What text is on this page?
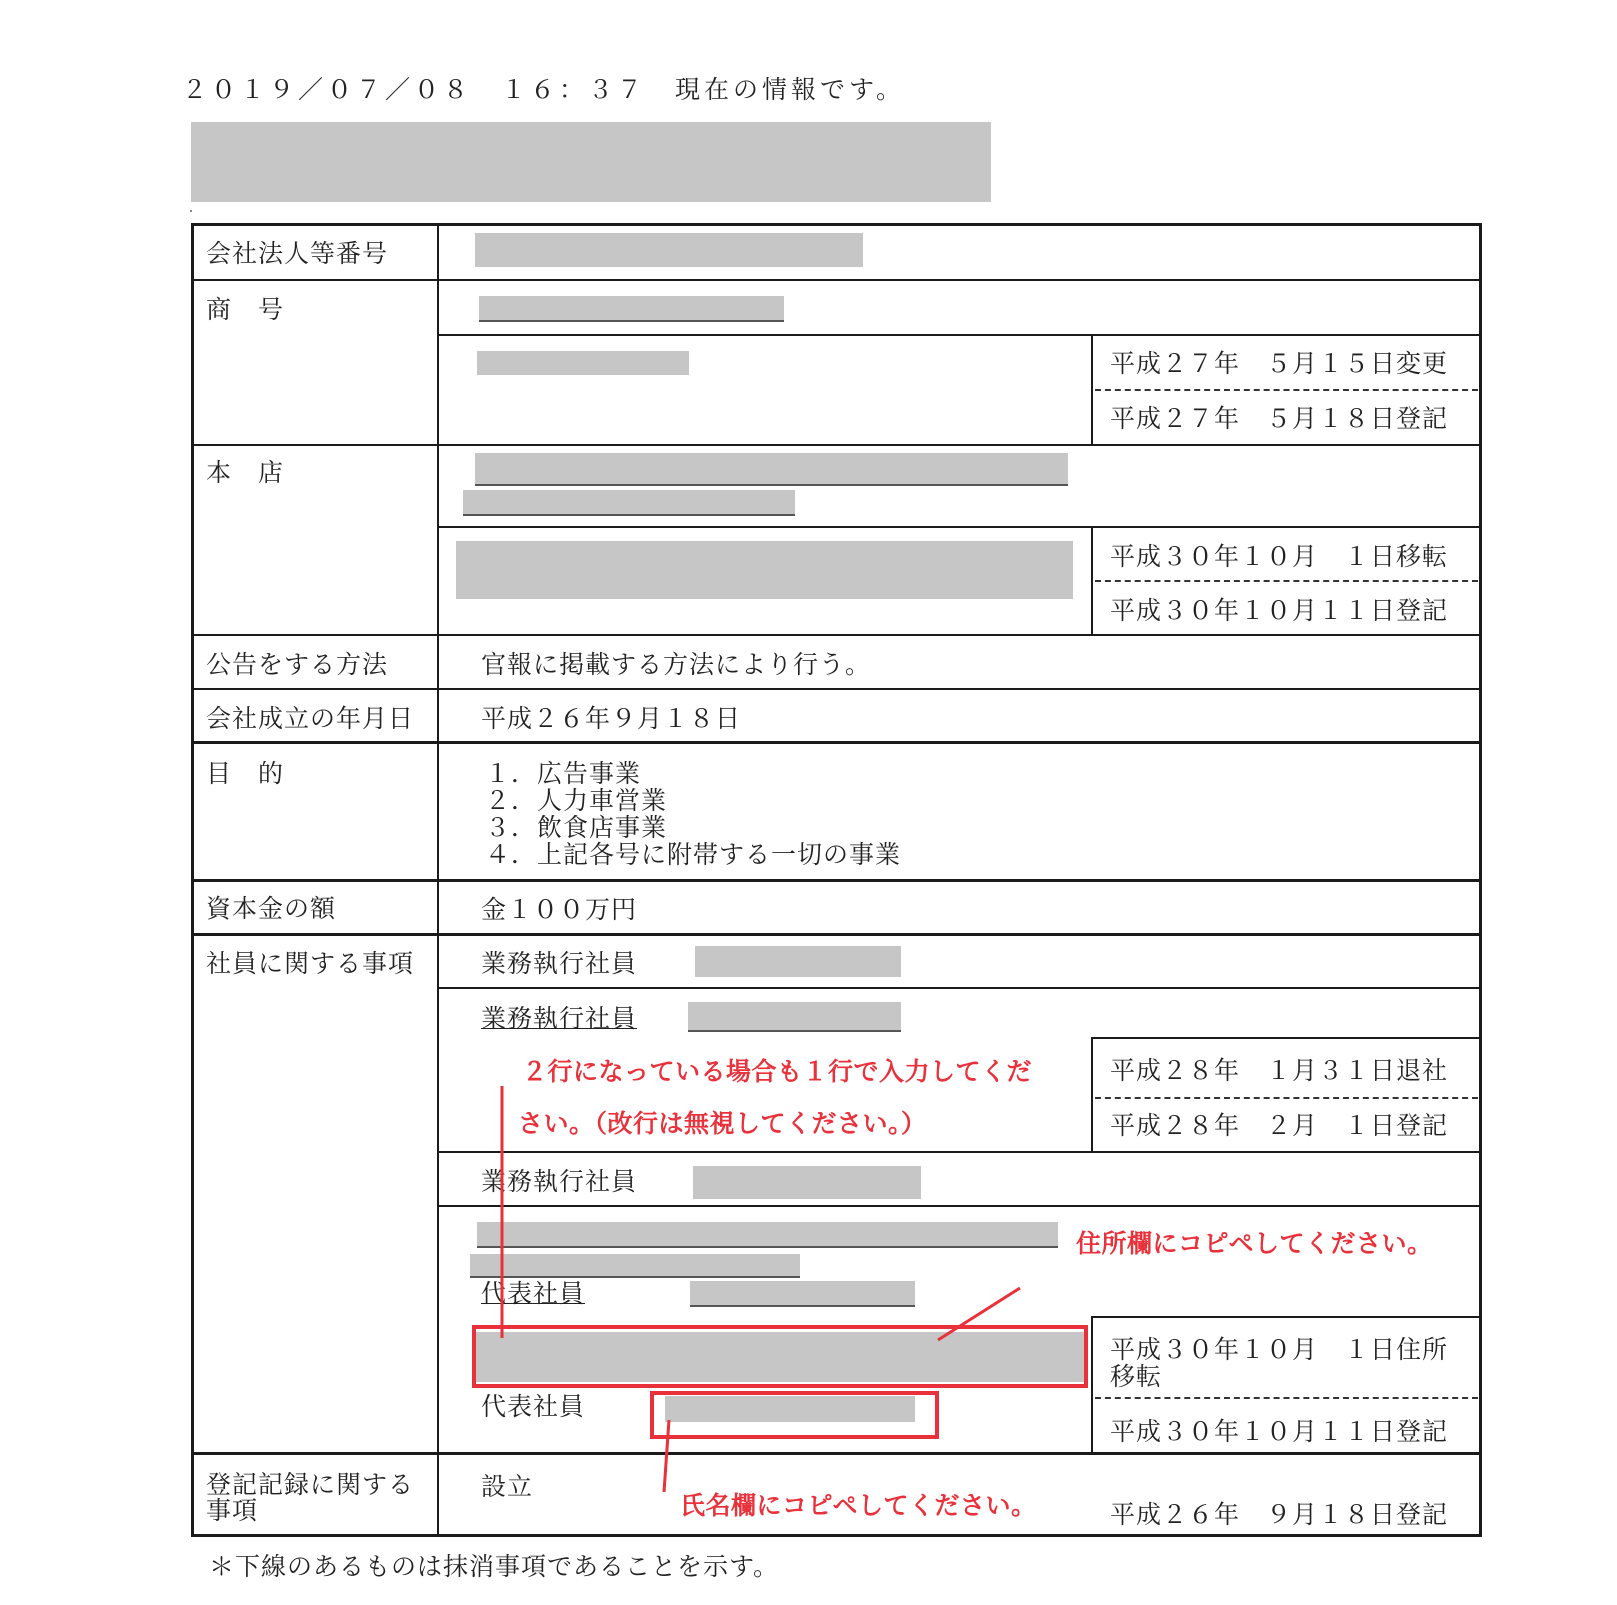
２０１９／０７／０８　１６：３７　現在の情報です。
会社法人等番号
商　号
本　店
公告をする方法
会社成立の年月日
目　的
資本金の額
社員に関する事項
登記記録に関する
事項
平成２７年　５月１５日変更
平成２７年　５月１８日登記
平成３０年１０月　１日移転
平成３０年１０月１１日登記
官報に掲載する方法により行う。
平成２６年９月１８日
１．広告事業
２．人力車営業
３．飲食店事業
４．上記各号に附帯する一切の事業
金１００万円
業務執行社員
業務執行社員
平成２８年　１月３１日退社
平成２８年　２月　１日登記
業務執行社員
代表社員
代表社員
平成３０年１０月　１日住所
移転
平成３０年１０月１１日登記
設立
平成２６年　９月１８日登記
＊下線のあるものは抹消事項であることを示す。
２行になっている場合も１行で入力してくだ
さい。（改行は無視してください。）
住所欄にコピペしてください。
氏名欄にコピペしてください。
